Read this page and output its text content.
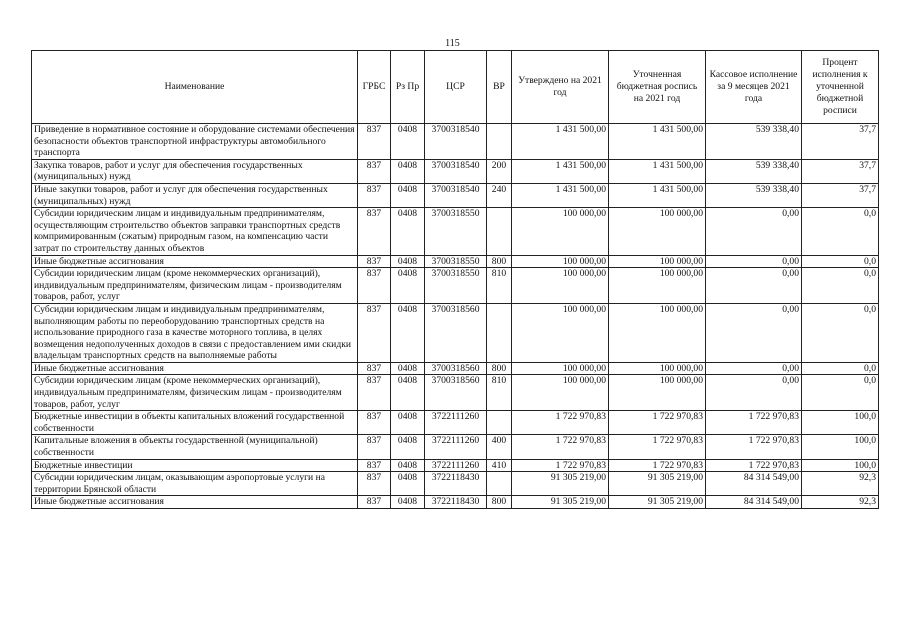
115
Наименование	ГРБС	Рз Пр	ЦСР	ВР	Утверждено на 2021 год	Уточненная бюджетная роспись на 2021 год	Кассовое исполнение за 9 месяцев 2021 года	Процент исполнения к уточненной бюджетной росписи
Приведение в нормативное состояние и оборудование системами обеспечения безопасности объектов транспортной инфраструктуры автомобильного транспорта	837	0408	3700318540		1 431 500,00	1 431 500,00	539 338,40	37,7
Закупка товаров, работ и услуг для обеспечения государственных (муниципальных) нужд	837	0408	3700318540	200	1 431 500,00	1 431 500,00	539 338,40	37,7
Иные закупки товаров, работ и услуг для обеспечения государственных (муниципальных) нужд	837	0408	3700318540	240	1 431 500,00	1 431 500,00	539 338,40	37,7
Субсидии юридическим лицам и индивидуальным предпринимателям, осуществляющим строительство объектов заправки транспортных средств компримированным (сжатым) природным газом, на компенсацию части затрат по строительству данных объектов	837	0408	3700318550		100 000,00	100 000,00	0,00	0,0
Иные бюджетные ассигнования	837	0408	3700318550	800	100 000,00	100 000,00	0,00	0,0
Субсидии юридическим лицам (кроме некоммерческих организаций), индивидуальным предпринимателям, физическим лицам - производителям товаров, работ, услуг	837	0408	3700318550	810	100 000,00	100 000,00	0,00	0,0
Субсидии юридическим лицам и индивидуальным предпринимателям, выполняющим работы по переоборудованию транспортных средств на использование природного газа в качестве моторного топлива, в целях возмещения недополученных доходов в связи с предоставлением ими скидки владельцам транспортных средств на выполняемые работы	837	0408	3700318560		100 000,00	100 000,00	0,00	0,0
Иные бюджетные ассигнования	837	0408	3700318560	800	100 000,00	100 000,00	0,00	0,0
Субсидии юридическим лицам (кроме некоммерческих организаций), индивидуальным предпринимателям, физическим лицам - производителям товаров, работ, услуг	837	0408	3700318560	810	100 000,00	100 000,00	0,00	0,0
Бюджетные инвестиции в объекты капитальных вложений государственной собственности	837	0408	3722111260		1 722 970,83	1 722 970,83	1 722 970,83	100,0
Капитальные вложения в объекты государственной (муниципальной) собственности	837	0408	3722111260	400	1 722 970,83	1 722 970,83	1 722 970,83	100,0
Бюджетные инвестиции	837	0408	3722111260	410	1 722 970,83	1 722 970,83	1 722 970,83	100,0
Субсидии юридическим лицам, оказывающим аэропортовые услуги на территории Брянской области	837	0408	3722118430		91 305 219,00	91 305 219,00	84 314 549,00	92,3
Иные бюджетные ассигнования	837	0408	3722118430	800	91 305 219,00	91 305 219,00	84 314 549,00	92,3
